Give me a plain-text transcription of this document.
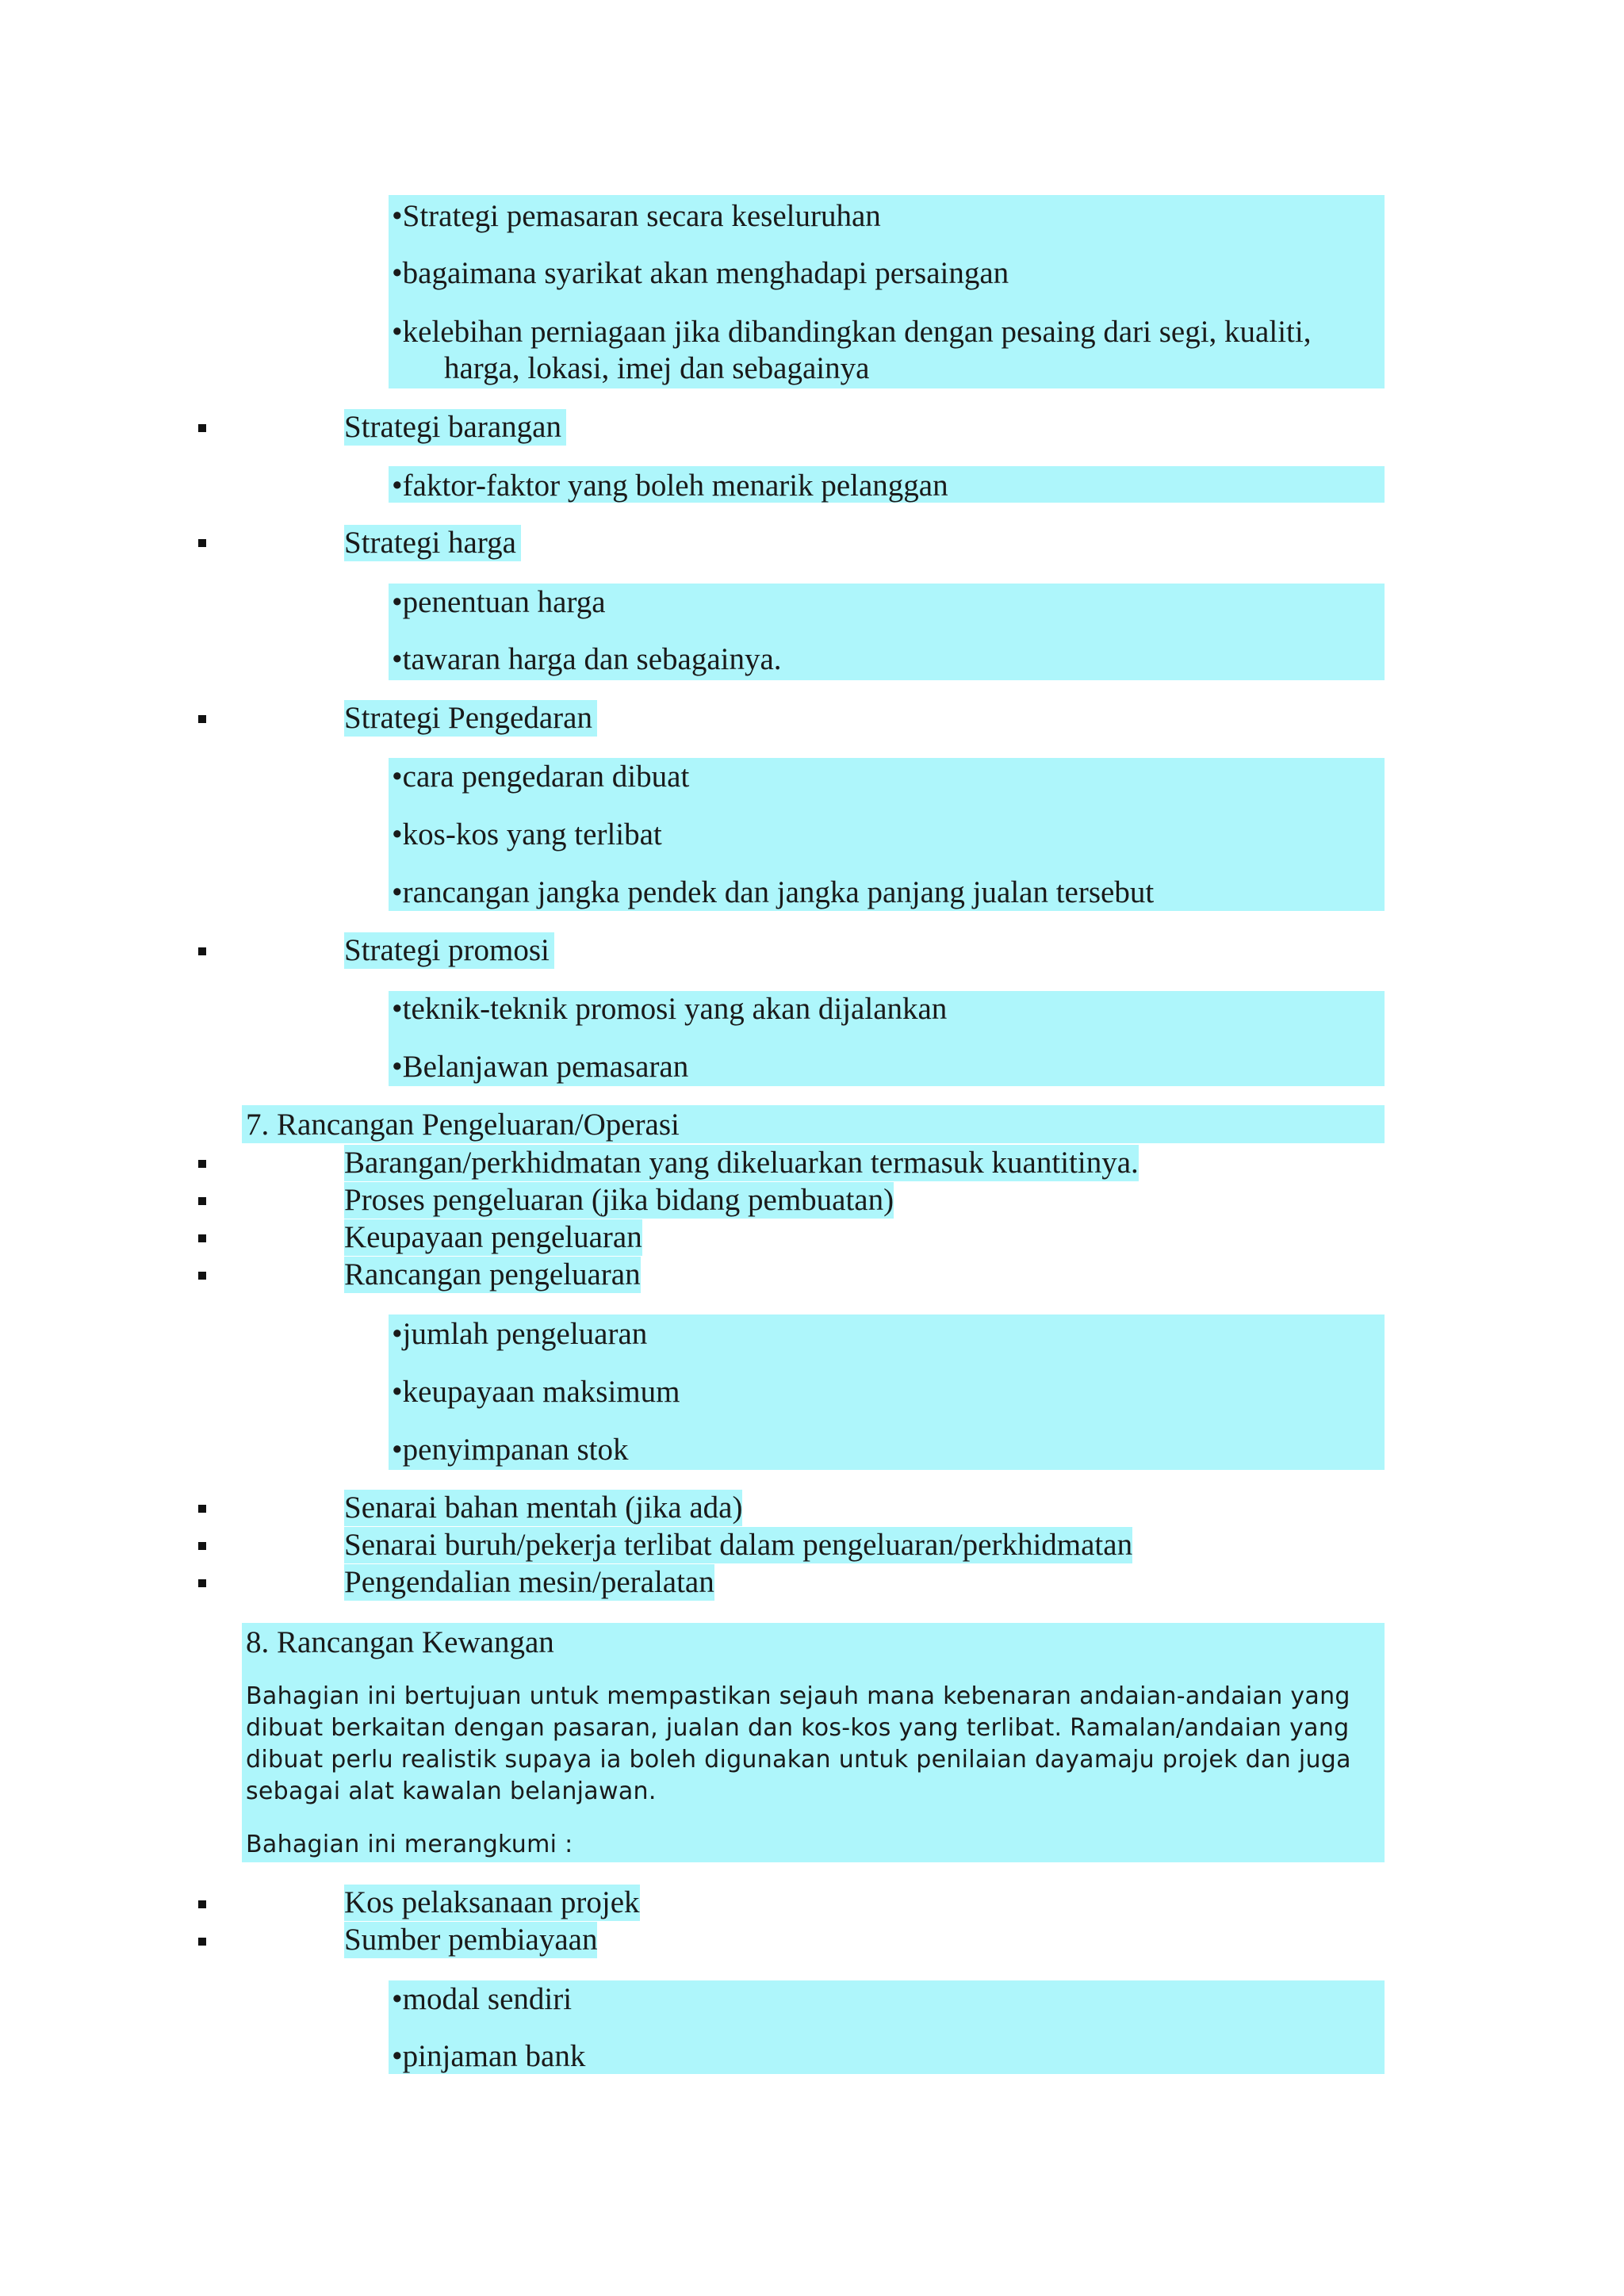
•Strategi pemasaran secara keseluruhan
•bagaimana syarikat akan menghadapi persaingan
•kelebihan perniagaan jika dibandingkan dengan pesaing dari segi, kualiti,
harga, lokasi, imej dan sebagainya
Strategi barangan
•faktor-faktor yang boleh menarik pelanggan
Strategi harga
•penentuan harga
•tawaran harga dan sebagainya.
Strategi Pengedaran
•cara pengedaran dibuat
•kos-kos yang terlibat
•rancangan jangka pendek dan jangka panjang jualan tersebut
Strategi promosi
•teknik-teknik promosi yang akan dijalankan
•Belanjawan pemasaran
7. Rancangan Pengeluaran/Operasi
Barangan/perkhidmatan yang dikeluarkan termasuk kuantitinya.
Proses pengeluaran (jika bidang pembuatan)
Keupayaan pengeluaran
Rancangan pengeluaran
•jumlah pengeluaran
•keupayaan maksimum
•penyimpanan stok
Senarai bahan mentah (jika ada)
Senarai buruh/pekerja terlibat dalam pengeluaran/perkhidmatan
Pengendalian mesin/peralatan
8. Rancangan Kewangan
Bahagian ini bertujuan untuk mempastikan sejauh mana kebenaran andaian-andaian yang
dibuat berkaitan dengan pasaran, jualan dan kos-kos yang terlibat. Ramalan/andaian yang
dibuat perlu realistik supaya ia boleh digunakan untuk penilaian dayamaju projek dan juga
sebagai alat kawalan belanjawan.
Bahagian ini merangkumi :
Kos pelaksanaan projek
Sumber pembiayaan
•modal sendiri
•pinjaman bank
